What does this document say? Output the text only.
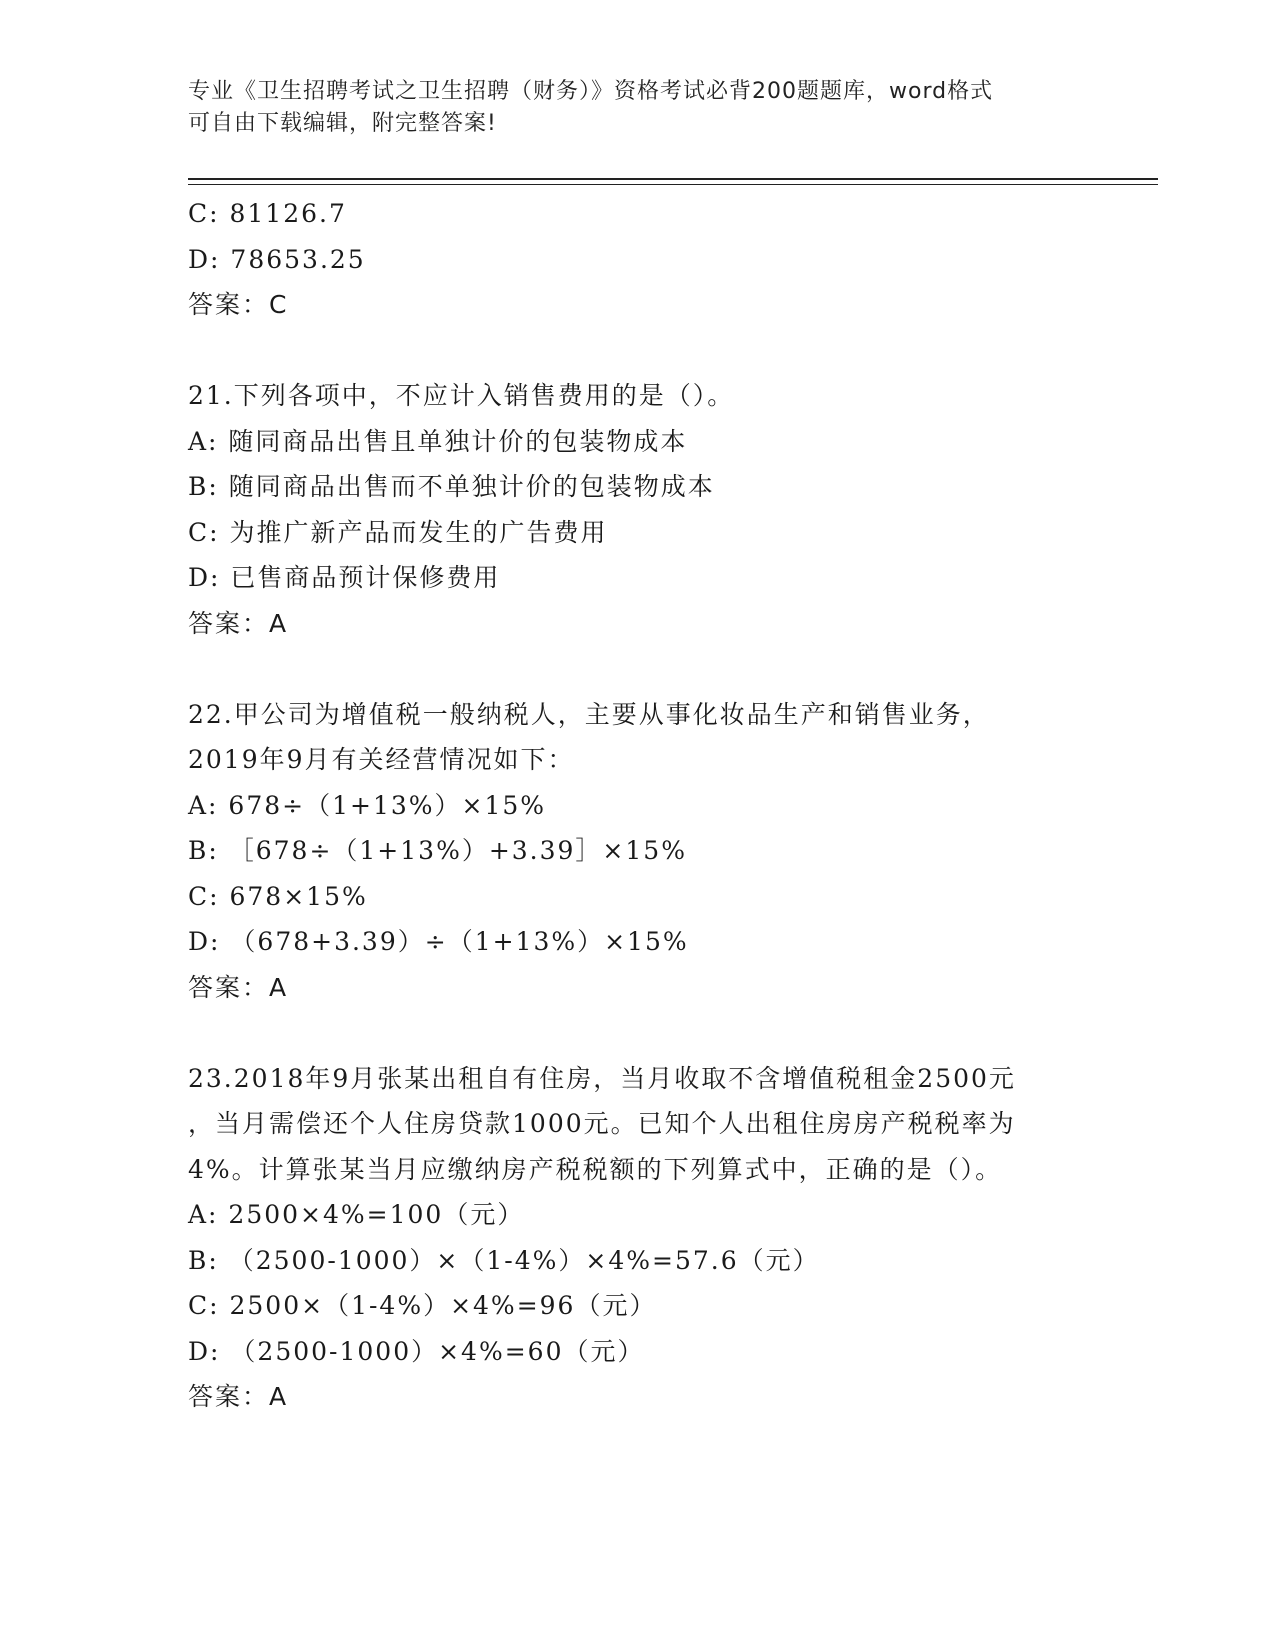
专业《卫生招聘考试之卫生招聘（财务）》资格考试必背200题题库，word格式
可自由下载编辑，附完整答案!
C: 81126.7
D: 78653.25
答案：C
21.下列各项中，不应计入销售费用的是（）。
A: 随同商品出售且单独计价的包装物成本
B: 随同商品出售而不单独计价的包装物成本
C: 为推广新产品而发生的广告费用
D: 已售商品预计保修费用
答案：A
22.甲公司为增值税一般纳税人，主要从事化妆品生产和销售业务，
2019年9月有关经营情况如下：
A: 678÷（1+13%）×15%
B: ［678÷（1+13%）+3.39］×15%
C: 678×15%
D: （678+3.39）÷（1+13%）×15%
答案：A
23.2018年9月张某出租自有住房，当月收取不含增值税租金2500元
，当月需偿还个人住房贷款1000元。已知个人出租住房房产税税率为
4%。计算张某当月应缴纳房产税税额的下列算式中，正确的是（）。
A: 2500×4%=100（元）
B: （2500-1000）×（1-4%）×4%=57.6（元）
C: 2500×（1-4%）×4%=96（元）
D: （2500-1000）×4%=60（元）
答案：A
